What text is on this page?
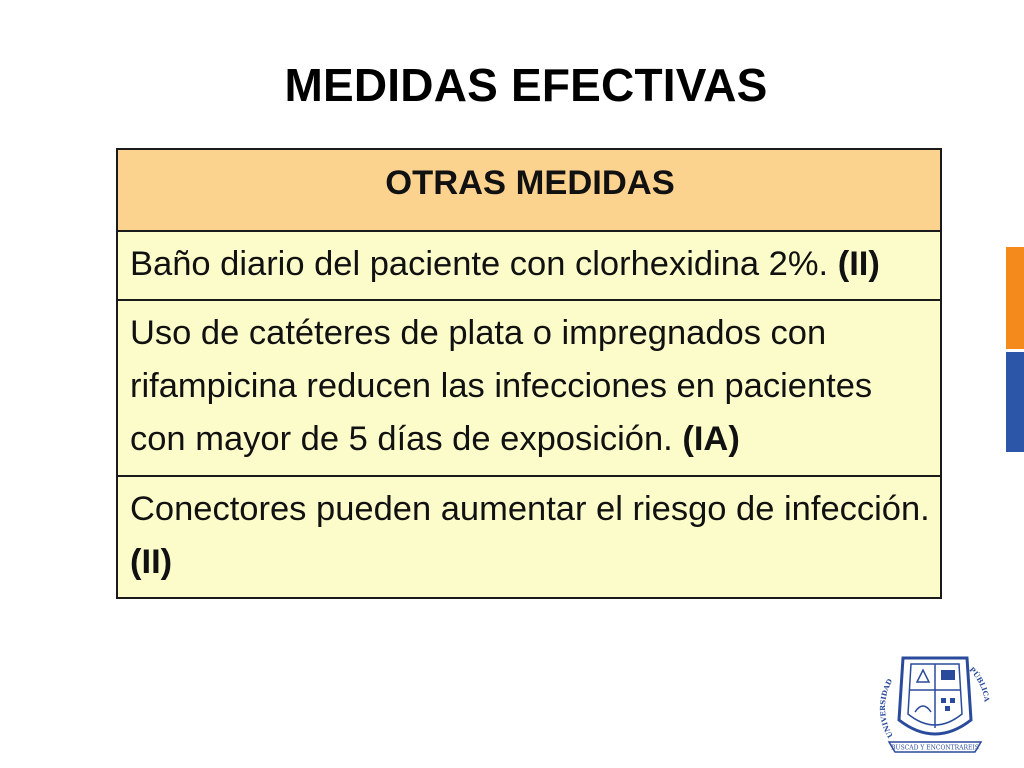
MEDIDAS EFECTIVAS
OTRAS MEDIDAS
Baño diario del paciente con clorhexidina 2%. (II)
Uso de catéteres de plata o impregnados con rifampicina reducen las infecciones en pacientes con mayor de 5 días de exposición. (IA)
Conectores pueden aumentar el riesgo de infección. (II)
UNIVERSIDAD
PÚBLICA
BUSCAD Y ENCONTRAREIS
